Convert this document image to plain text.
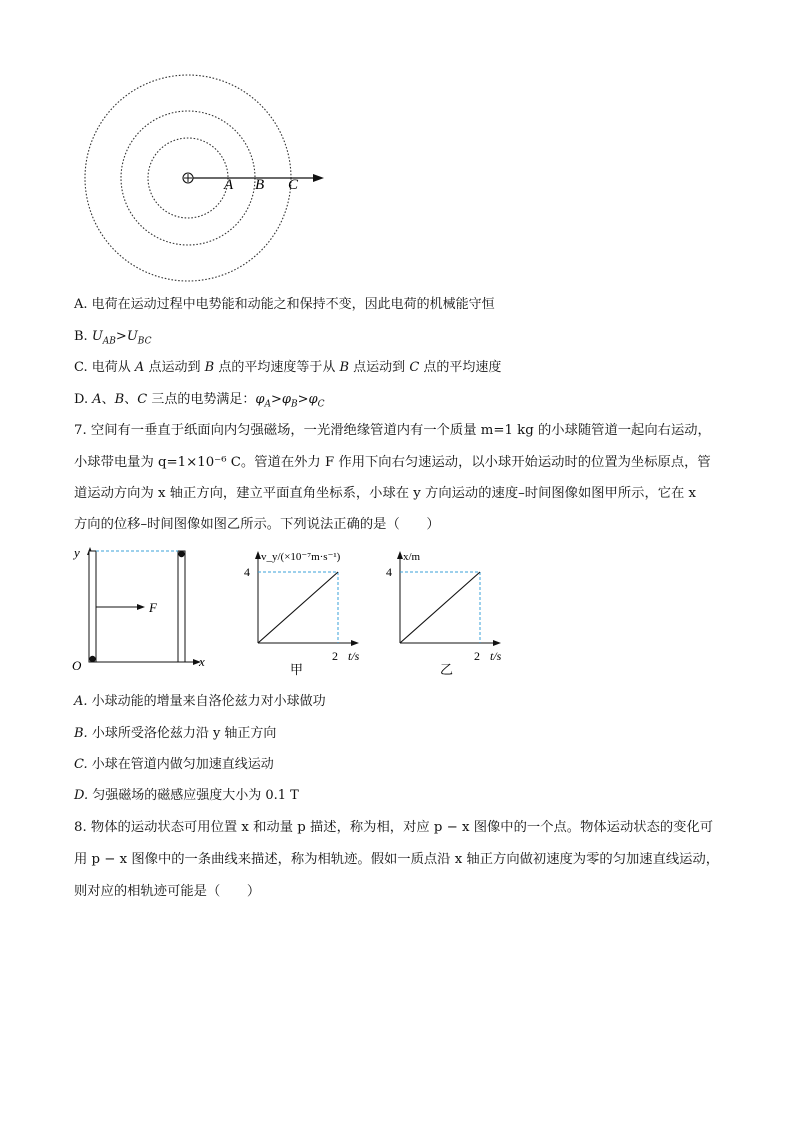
A B C
A. 电荷在运动过程中电势能和动能之和保持不变，因此电荷的机械能守恒
B. $U_{AB}>U_{BC}$
C. 电荷从 A 点运动到 B 点的平均速度等于从 B 点运动到 C 点的平均速度
D. A、B、C 三点的电势满足：$\varphi_A>\varphi_B>\varphi_C$
7. 空间有一垂直于纸面向内匀强磁场，一光滑绝缘管道内有一个质量 m=1 kg 的小球随管道一起向右运动，
小球带电量为 q=1×10⁻⁶ C。管道在外力 F 作用下向右匀速运动，以小球开始运动时的位置为坐标原点，管
道运动方向为 x 轴正方向，建立平面直角坐标系，小球在 y 方向运动的速度–时间图像如图甲所示，它在 x
方向的位移–时间图像如图乙所示。下列说法正确的是（　　）
y
x
O
F
v_y/(×10⁻⁷m·s⁻¹)
4
2 t/s
甲
x/m
4
2 t/s
乙
A. 小球动能的增量来自洛伦兹力对小球做功
B. 小球所受洛伦兹力沿 y 轴正方向
C. 小球在管道内做匀加速直线运动
D. 匀强磁场的磁感应强度大小为 0.1 T
8. 物体的运动状态可用位置 x 和动量 p 描述，称为相，对应 p − x 图像中的一个点。物体运动状态的变化可
用 p − x 图像中的一条曲线来描述，称为相轨迹。假如一质点沿 x 轴正方向做初速度为零的匀加速直线运动，
则对应的相轨迹可能是（　　）
